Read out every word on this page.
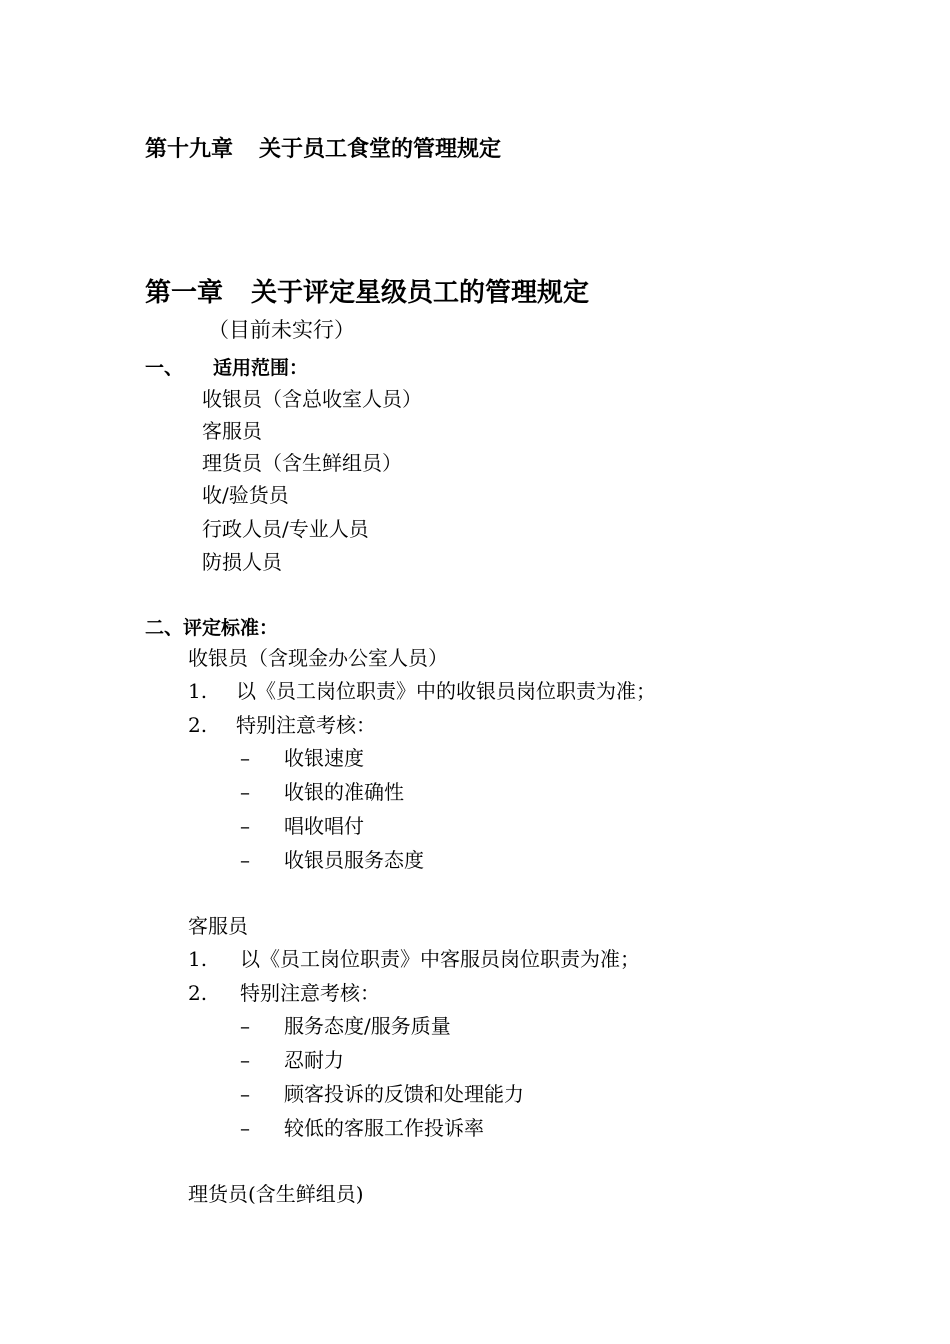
第十九章 关于员工食堂的管理规定
第一章 关于评定星级员工的管理规定
（目前未实行）
一、 适用范围：
收银员（含总收室人员）
客服员
理货员（含生鲜组员）
收/验货员
行政人员/专业人员
防损人员
二、评定标准：
收银员（含现金办公室人员）
1. 以《员工岗位职责》中的收银员岗位职责为准；
2. 特别注意考核：
– 收银速度
– 收银的准确性
– 唱收唱付
– 收银员服务态度
客服员
1. 以《员工岗位职责》中客服员岗位职责为准；
2. 特别注意考核：
– 服务态度/服务质量
– 忍耐力
– 顾客投诉的反馈和处理能力
– 较低的客服工作投诉率
理货员(含生鲜组员)
